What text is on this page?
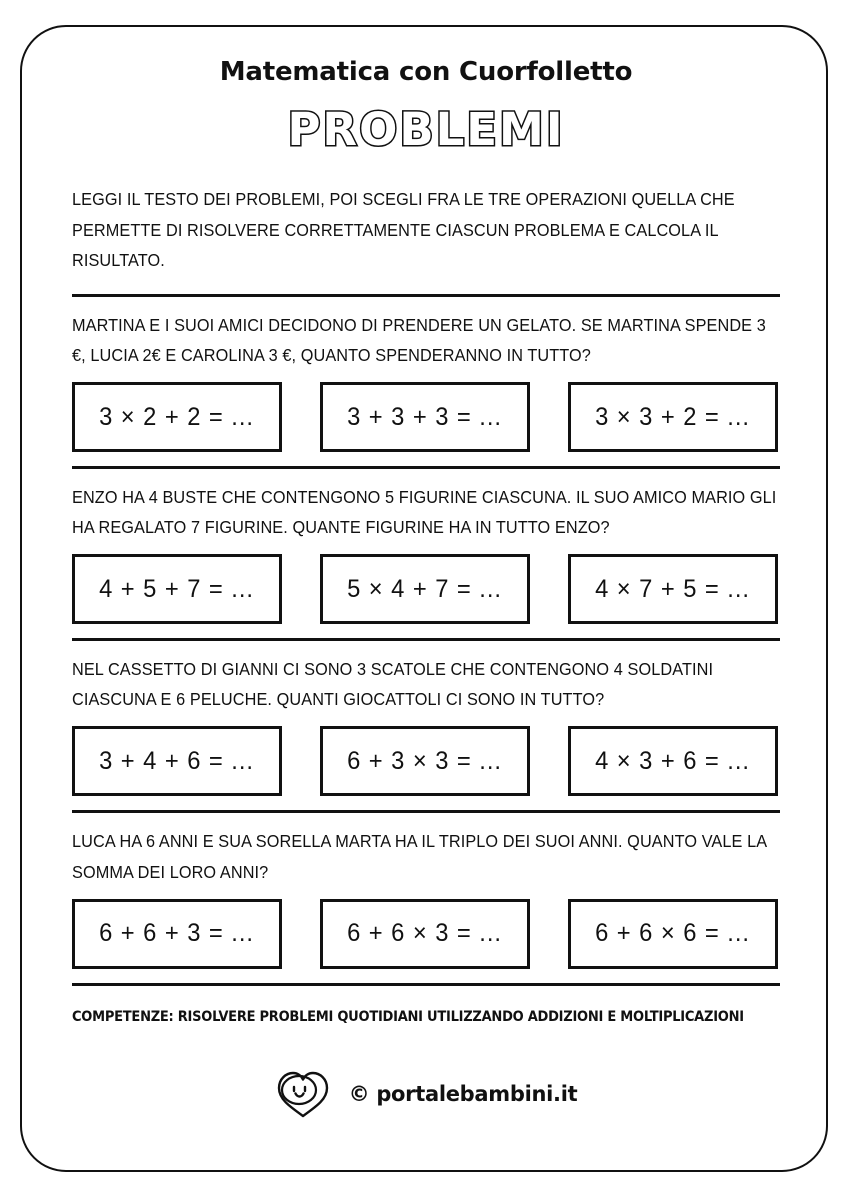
Matematica con Cuorfolletto
PROBLEMI
LEGGI IL TESTO DEI PROBLEMI, POI SCEGLI FRA LE TRE OPERAZIONI QUELLA CHE PERMETTE DI RISOLVERE CORRETTAMENTE CIASCUN PROBLEMA E CALCOLA IL RISULTATO.
MARTINA E I SUOI AMICI DECIDONO DI PRENDERE UN GELATO. SE MARTINA SPENDE 3 €, LUCIA 2€ E CAROLINA 3 €, QUANTO SPENDERANNO IN TUTTO?
3 × 2 + 2 = ...	3 + 3 + 3 = ...	3 × 3 + 2 = ...
ENZO HA 4 BUSTE CHE CONTENGONO 5 FIGURINE CIASCUNA. IL SUO AMICO MARIO GLI HA REGALATO 7 FIGURINE. QUANTE FIGURINE HA IN TUTTO ENZO?
4 + 5 + 7 = ...	5 × 4 + 7 = ...	4 × 7 + 5 = ...
NEL CASSETTO DI GIANNI CI SONO 3 SCATOLE CHE CONTENGONO 4 SOLDATINI CIASCUNA E 6 PELUCHE. QUANTI GIOCATTOLI CI SONO IN TUTTO?
3 + 4 + 6 = ...	6 + 3 × 3 = ...	4 × 3 + 6 = ...
LUCA HA 6 ANNI E SUA SORELLA MARTA HA IL TRIPLO DEI SUOI ANNI. QUANTO VALE LA SOMMA DEI LORO ANNI?
6 + 6 + 3 = ...	6 + 6 × 3 = ...	6 + 6 × 6 = ...
COMPETENZE: RISOLVERE PROBLEMI QUOTIDIANI UTILIZZANDO ADDIZIONI E MOLTIPLICAZIONI
© portalebambini.it
